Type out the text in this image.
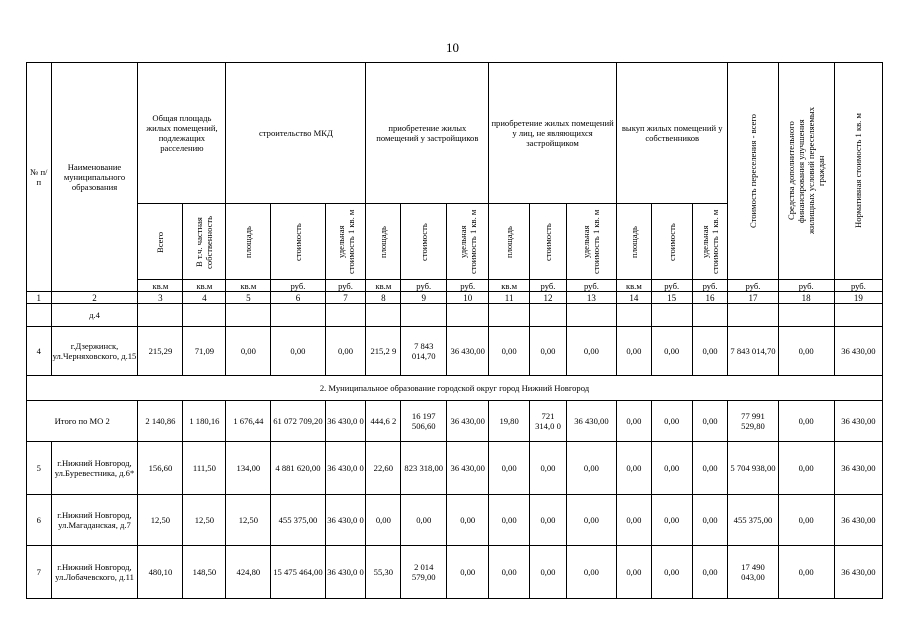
10
№ п/п	Наименование муниципального образования	Общая площадь жилых помещений, подлежащих расселению		строительство МКД			приобретение жилых помещений у застройщиков			приобретение жилых помещений у лиц, не являющихся застройщиком			выкуп жилых помещений у собственников			Стоимость переселения - всего	Средства дополнительного финансирования улучшения жилищных условий переселяемых граждан	Нормативная стоимость 1 кв. м

		Всего	В т.ч. частная собственность	площадь	стоимость	удельная стоимость 1 кв. м	площадь	стоимость	удельная стоимость 1 кв. м	площадь	стоимость	удельная стоимость 1 кв. м	площадь	стоимость	удельная стоимость 1 кв. м			

		кв.м	кв.м	кв.м	руб.	руб.	кв.м	руб.	руб.	кв.м	руб.	руб.	кв.м	руб.	руб.	руб.	руб.	руб.
1	2	3	4	5	6	7	8	9	10	11	12	13	14	15	16	17	18	19
	д.4																	
4	г.Дзержинск, ул.Черняховского, д.15	215,29	71,09	0,00	0,00	0,00	215,2 9	7 843 014,70	36 430,00	0,00	0,00	0,00	0,00	0,00	0,00	7 843 014,70	0,00	36 430,00
2. Муниципальное образование городской округ город Нижний Новгород																		
Итого по МО 2		2 140,86	1 180,16	1 676,44	61 072 709,20	36 430,0 0	444,6 2	16 197 506,60	36 430,00	19,80	721 314,0 0	36 430,00	0,00	0,00	0,00	77 991 529,80	0,00	36 430,00
5	г.Нижний Новгород, ул.Буревестника, д.6*	156,60	111,50	134,00	4 881 620,00	36 430,0 0	22,60	823 318,00	36 430,00	0,00	0,00	0,00	0,00	0,00	0,00	5 704 938,00	0,00	36 430,00
6	г.Нижний Новгород, ул.Магаданская, д.7	12,50	12,50	12,50	455 375,00	36 430,0 0	0,00	0,00	0,00	0,00	0,00	0,00	0,00	0,00	0,00	455 375,00	0,00	36 430,00
7	г.Нижний Новгород, ул.Лобачевского, д.11	480,10	148,50	424,80	15 475 464,00	36 430,0 0	55,30	2 014 579,00	0,00	0,00	0,00	0,00	0,00	0,00	0,00	17 490 043,00	0,00	36 430,00
